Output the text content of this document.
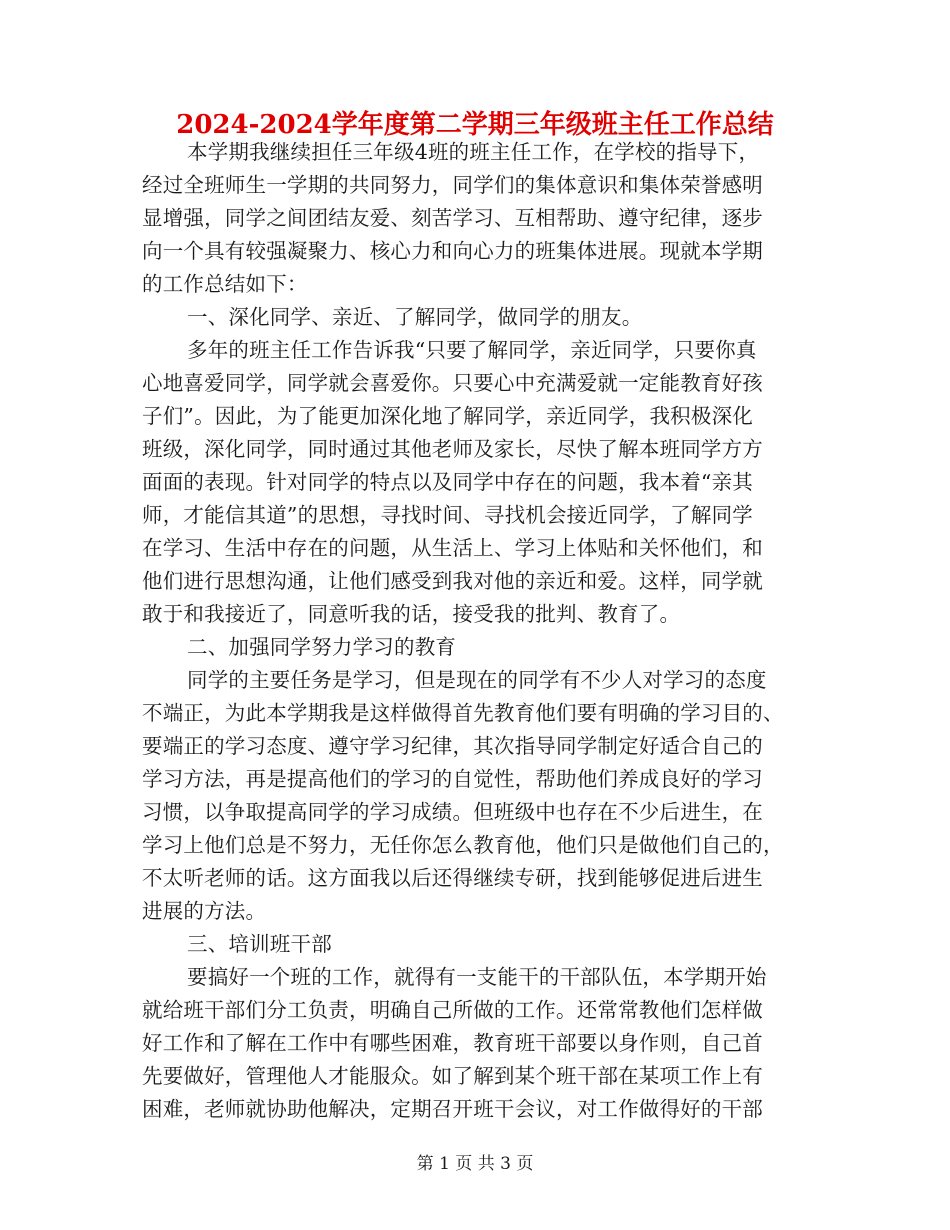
2024-2024学年度第二学期三年级班主任工作总结
本学期我继续担任三年级4班的班主任工作，在学校的指导下，
经过全班师生一学期的共同努力，同学们的集体意识和集体荣誉感明
显增强，同学之间团结友爱、刻苦学习、互相帮助、遵守纪律，逐步
向一个具有较强凝聚力、核心力和向心力的班集体进展。现就本学期
的工作总结如下：
一、深化同学、亲近、了解同学，做同学的朋友。
多年的班主任工作告诉我“只要了解同学，亲近同学，只要你真
心地喜爱同学，同学就会喜爱你。只要心中充满爱就一定能教育好孩
子们”。因此，为了能更加深化地了解同学，亲近同学，我积极深化
班级，深化同学，同时通过其他老师及家长，尽快了解本班同学方方
面面的表现。针对同学的特点以及同学中存在的问题，我本着“亲其
师，才能信其道”的思想，寻找时间、寻找机会接近同学，了解同学
在学习、生活中存在的问题，从生活上、学习上体贴和关怀他们，和
他们进行思想沟通，让他们感受到我对他的亲近和爱。这样，同学就
敢于和我接近了，同意听我的话，接受我的批判、教育了。
二、加强同学努力学习的教育
同学的主要任务是学习，但是现在的同学有不少人对学习的态度
不端正，为此本学期我是这样做得首先教育他们要有明确的学习目的、
要端正的学习态度、遵守学习纪律，其次指导同学制定好适合自己的
学习方法，再是提高他们的学习的自觉性，帮助他们养成良好的学习
习惯，以争取提高同学的学习成绩。但班级中也存在不少后进生，在
学习上他们总是不努力，无任你怎么教育他，他们只是做他们自己的，
不太听老师的话。这方面我以后还得继续专研，找到能够促进后进生
进展的方法。
三、培训班干部
要搞好一个班的工作，就得有一支能干的干部队伍，本学期开始
就给班干部们分工负责，明确自己所做的工作。还常常教他们怎样做
好工作和了解在工作中有哪些困难，教育班干部要以身作则，自己首
先要做好，管理他人才能服众。如了解到某个班干部在某项工作上有
困难，老师就协助他解决，定期召开班干会议，对工作做得好的干部
第 1 页 共 3 页
